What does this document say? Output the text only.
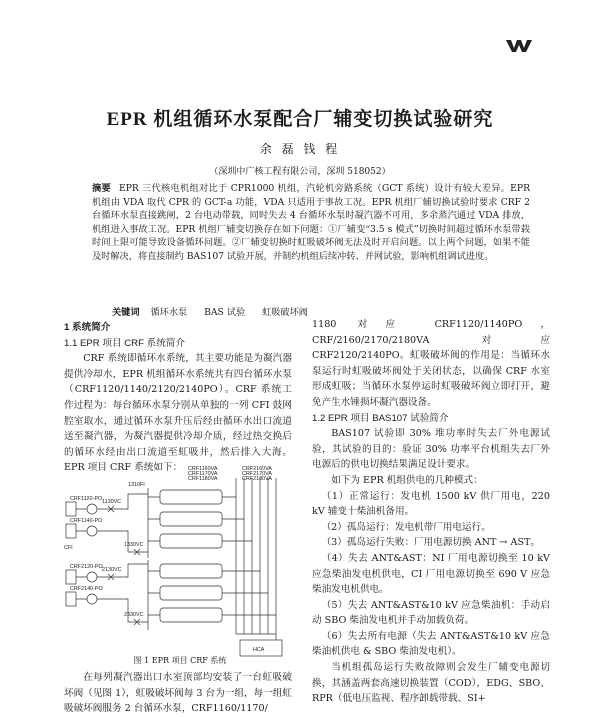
EPR 机组循环水泵配合厂辅变切换试验研究
余 磊 钱 程
（深圳中广核工程有限公司，深圳 518052）

摘要 EPR 三代核电机组对比于 CPR1000 机组，汽轮机旁路系统（GCT 系统）设计有较大差异。EPR 机组由 VDA 取代 CPR 的 GCT-a 功能，VDA 只适用于事故工况。EPR 机组厂辅切换试验时要求 CRF 2 台循环水泵直接跳闸，2 台电动带载，同时失去 4 台循环水泵时凝汽器不可用，多余蒸汽通过 VDA 排放，机组进入事故工况。EPR 机组厂辅变切换存在如下问题：①厂辅变“3.5 s 模式”切换时间超过循环水泵带载时间上限可能导致设备循环问题。②厂辅变切换时虹吸破坏阀无法及时开启问题。以上两个问题，如果不能及时解决，将直接制约 BAS107 试验开展，并制约机组后续冲转、并网试验，影响机组调试进度。

关键词 循环水泵 BAS 试验 虹吸破坏阀

1 系统简介

1.1 EPR 项目 CRF 系统简介

CRF 系统即循环水系统，其主要功能是为凝汽器提供冷却水，EPR 机组循环水系统共有四台循环水泵（CRF1120/1140/2120/2140PO）。CRF 系统工作过程为：每台循环水泵分别从单独的一列 CFI 鼓网腔室取水，通过循环水泵升压后经由循环水出口流道送至凝汽器，为凝汽器提供冷却介质，经过热交换后的循环水经由出口流道至虹吸井，然后排入大海。EPR 项目 CRF 系统如下：	CRF1160VA
CRF1170VA
CRF1180VA
CRF2160VA
CRF2170VA
CRF2180VA
CRF1120-PO
CRF1140-PO
CRF2120-PO
CRF2140-PO
1130VC
1310FI
1330VC
2130VC
2330VC
CFI
HCA
图 1 EPR 项目 CRF 系统

在每列凝汽器出口水室顶部均安装了一台虹吸破坏阀（见图 1），虹吸破坏阀每 3 台为一组，每一组虹吸破坏阀服务 2 台循环水泵，CRF1160/1170/

1180 对应 CRF1120/1140PO，CRF/2160/2170/2180VA 对应 CRF2120/2140PO。虹吸破坏阀的作用是：当循环水泵运行时虹吸破坏阀处于关闭状态，以确保 CRF 水室形成虹吸；当循环水泵停运时虹吸破坏阀立即打开，避免产生水锤损坏凝汽器设备。

1.2 EPR 项目 BAS107 试验简介

BAS107 试验即 30% 堆功率时失去厂外电源试验，其试验的目的：验证 30% 功率平台机组失去厂外电源后的供电切换结果满足设计要求。

如下为 EPR 机组供电的几种模式：

（1）正常运行：发电机 1500 kV 供厂用电，220 kV 辅变十柴油机备用。

（2）孤岛运行：发电机带厂用电运行。

（3）孤岛运行失败：厂用电源切换 ANT → AST。

（4）失去 ANT&AST：NI 厂用电源切换至 10 kV 应急柴油发电机供电，CI 厂用电源切换至 690 V 应急柴油发电机供电。

（5）失去 ANT&AST&10 kV 应急柴油机：手动启动 SBO 柴油发电机并手动加载负荷。

（6）失去所有电源（失去 ANT&AST&10 kV 应急柴油机供电 & SBO 柴油发电机）。

当机组孤岛运行失败故障则会发生厂辅变电源切换，其涵盖两套高速切换装置（COD），EDG、SBO、RPR（低电压监视、程序卸载带载、SI+
